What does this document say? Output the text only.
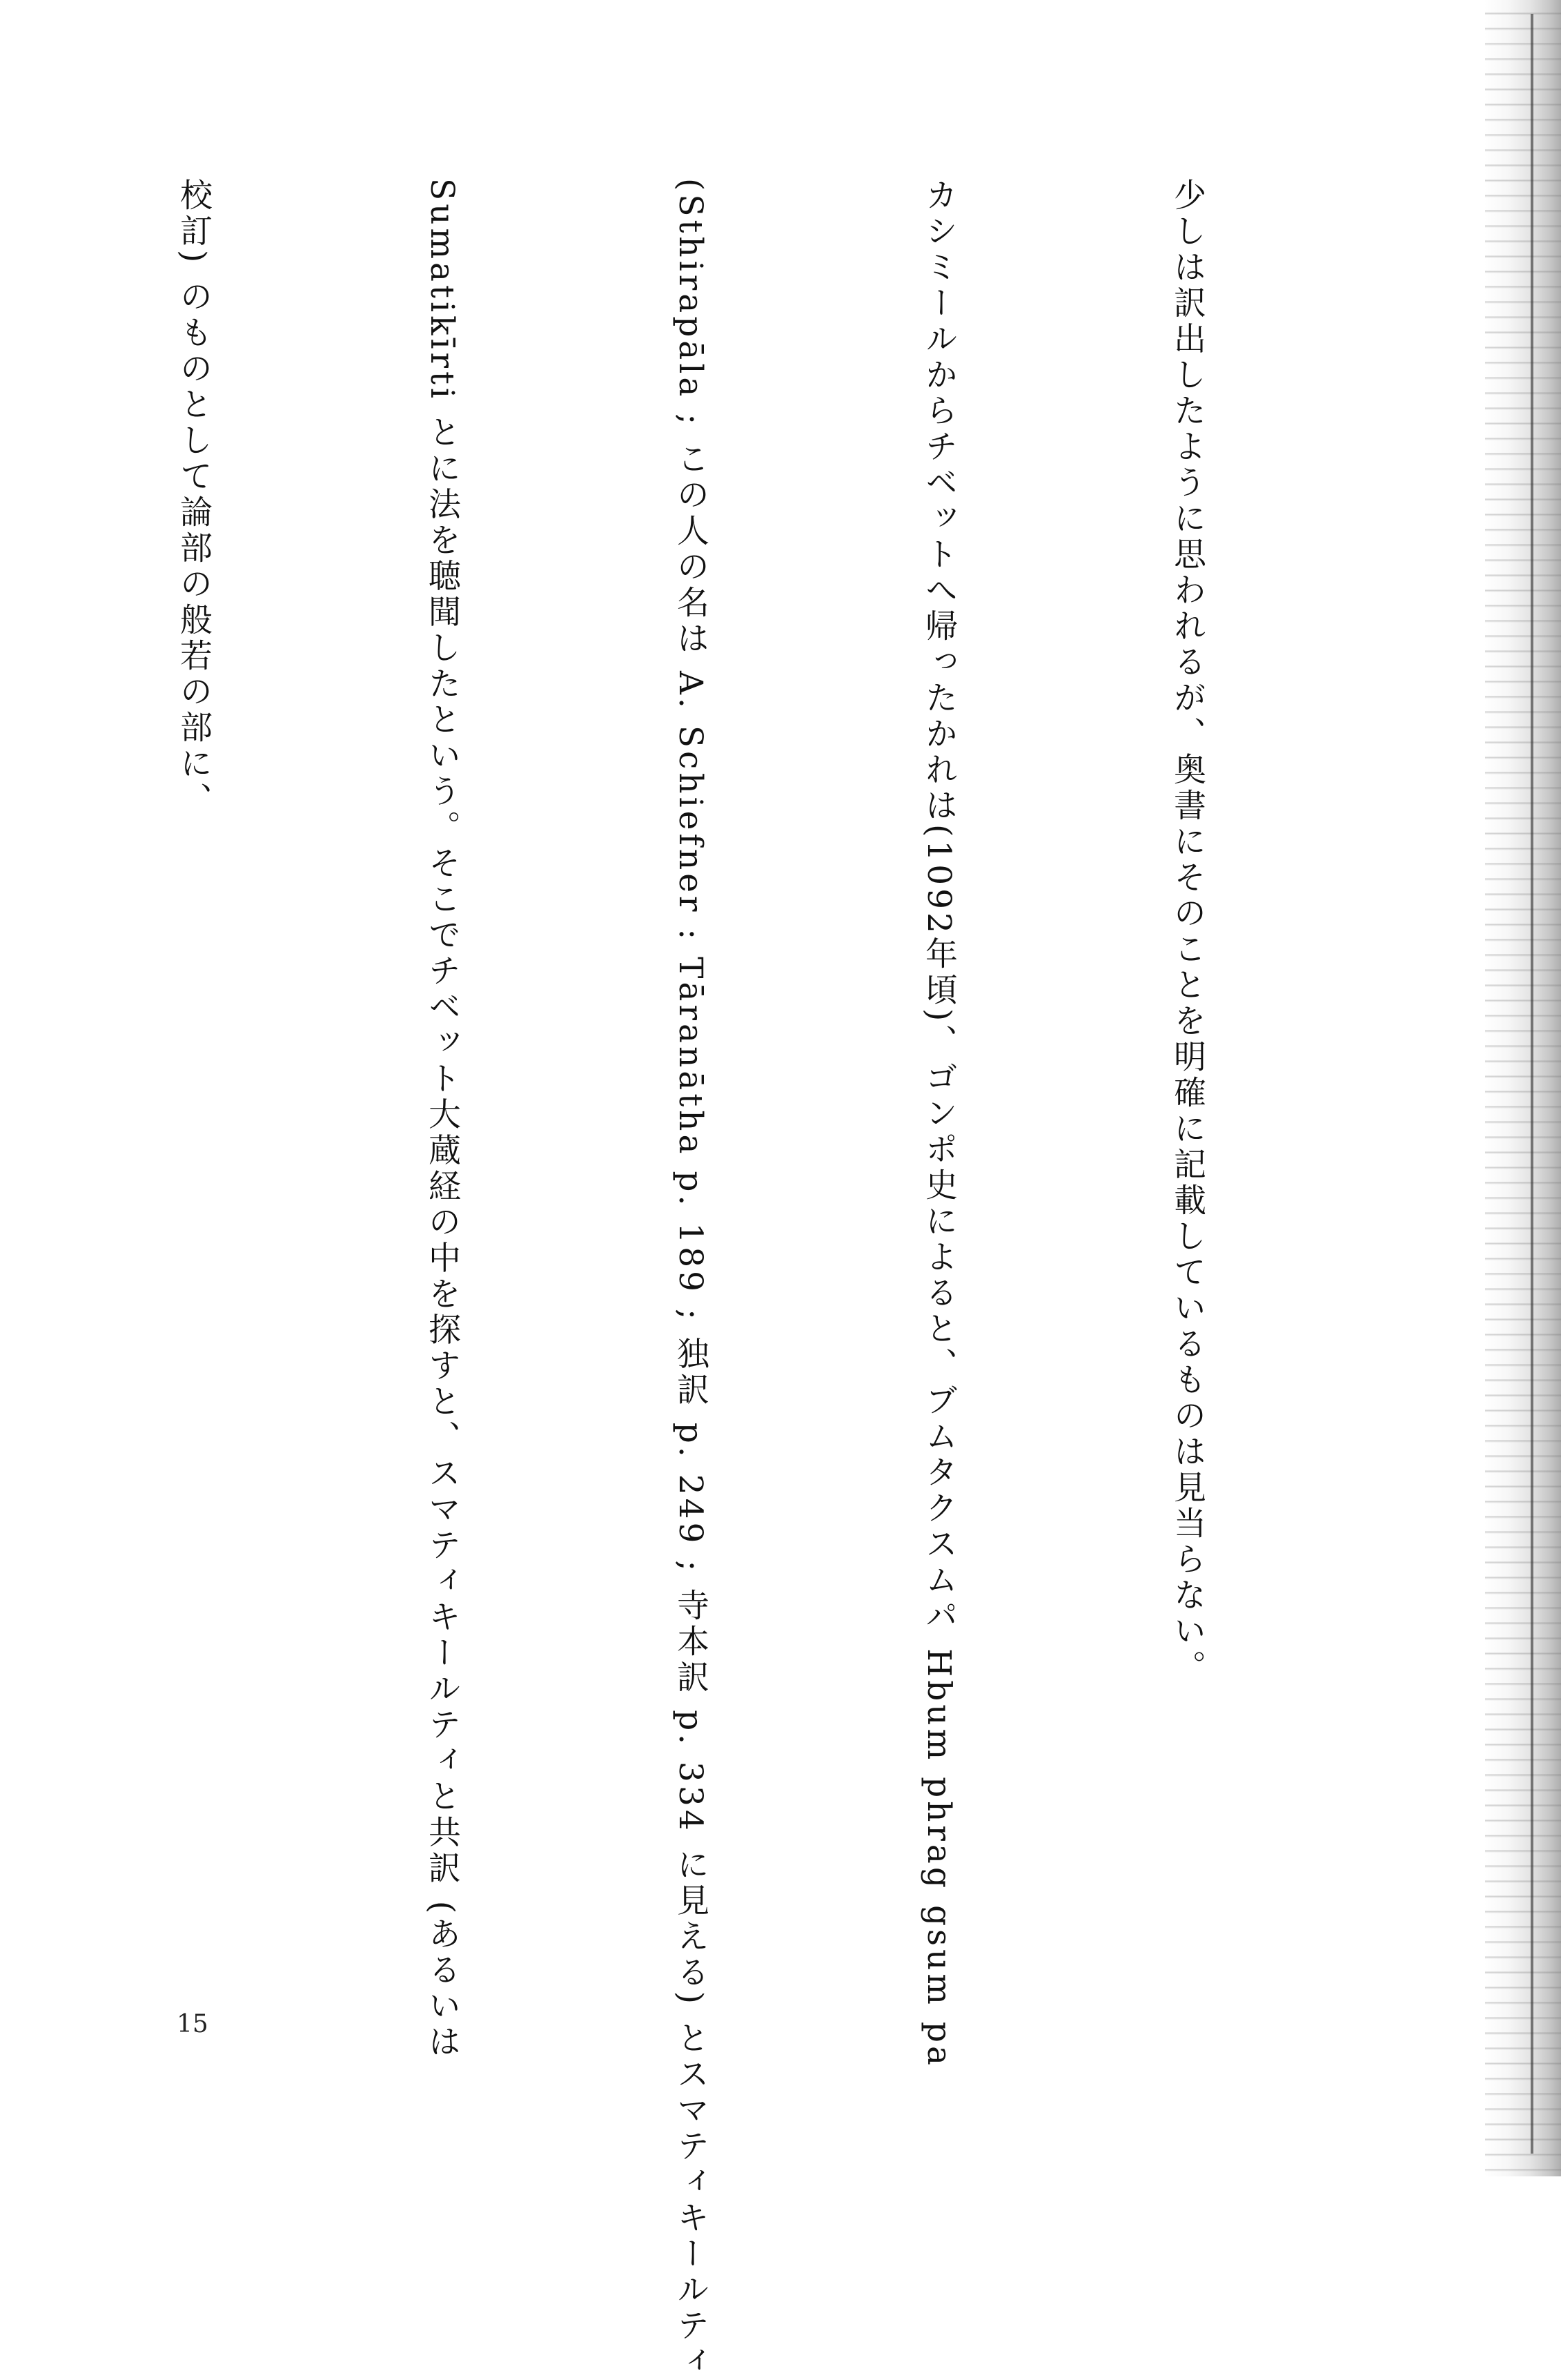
少しは訳出したように思われるが、奥書にそのことを明確に記載しているものは見当らない。

カシミールからチベットへ帰ったかれは(1092年頃)、ゴンポ史によると、ブムタクスムパ Hbum phrag gsum pa

(Sthirapāla ; この人の名は A. Schiefner : Tāranātha p. 189 ; 独訳 p. 249 ; 寺本訳 p. 334 に見える) とスマティキールティ

Sumatikīrti とに法を聴聞したという。そこでチベット大蔵経の中を探すと、スマティキールティと共訳 (あるいは

校訂) のものとして論部の般若の部に、

15
